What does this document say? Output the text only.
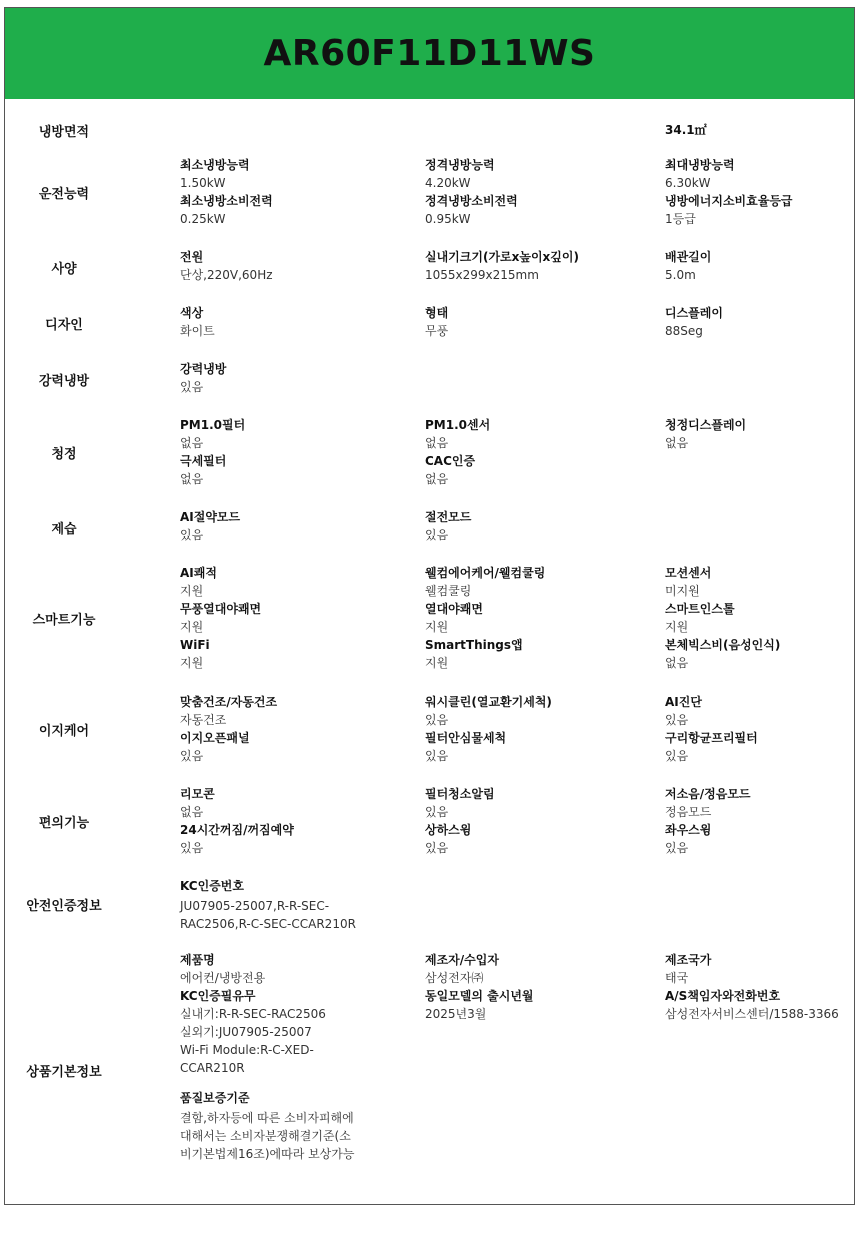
AR60F11D11WS
냉방면적	34.1㎡
운전능력
최소냉방능력
1.50kW
최소냉방소비전력
0.25kW
정격냉방능력
4.20kW
정격냉방소비전력
0.95kW
최대냉방능력
6.30kW
냉방에너지소비효율등급
1등급
사양
전원
단상,220V,60Hz
실내기크기(가로x높이x깊이)
1055x299x215mm
배관길이
5.0m
디자인
색상
화이트
형태
무풍
디스플레이
88Seg
강력냉방
강력냉방
있음
청정
PM1.0필터
없음
극세필터
없음
PM1.0센서
없음
CAC인증
없음
청정디스플레이
없음
제습
AI절약모드
있음
절전모드
있음
스마트기능
AI쾌적
지원
무풍열대야쾌면
지원
WiFi
지원
웰컴에어케어/웰컴쿨링
웰컴쿨링
열대야쾌면
지원
SmartThings앱
지원
모션센서
미지원
스마트인스톨
지원
본체빅스비(음성인식)
없음
이지케어
맞춤건조/자동건조
자동건조
이지오픈패널
있음
워시클린(열교환기세척)
있음
필터안심물세척
있음
AI진단
있음
구리항균프리필터
있음
편의기능
리모콘
없음
24시간꺼짐/꺼짐예약
있음
필터청소알림
있음
상하스윙
있음
저소음/정음모드
정음모드
좌우스윙
있음
안전인증정보
KC인증번호
JU07905-25007,R-R-SEC-RAC2506,R-C-SEC-CCAR210R
상품기본정보
제품명
에어컨/냉방전용
KC인증필유무
실내기:R-R-SEC-RAC2506
실외기:JU07905-25007
Wi-Fi Module:R-C-XED-CCAR210R
품질보증기준
결함,하자등에 따른 소비자피해에 대해서는 소비자분쟁해결기준(소비기본법제16조)에따라 보상가능
제조자/수입자
삼성전자㈜
동일모델의 출시년월
2025년3월
제조국가
태국
A/S책임자와전화번호
삼성전자서비스센터/1588-3366
